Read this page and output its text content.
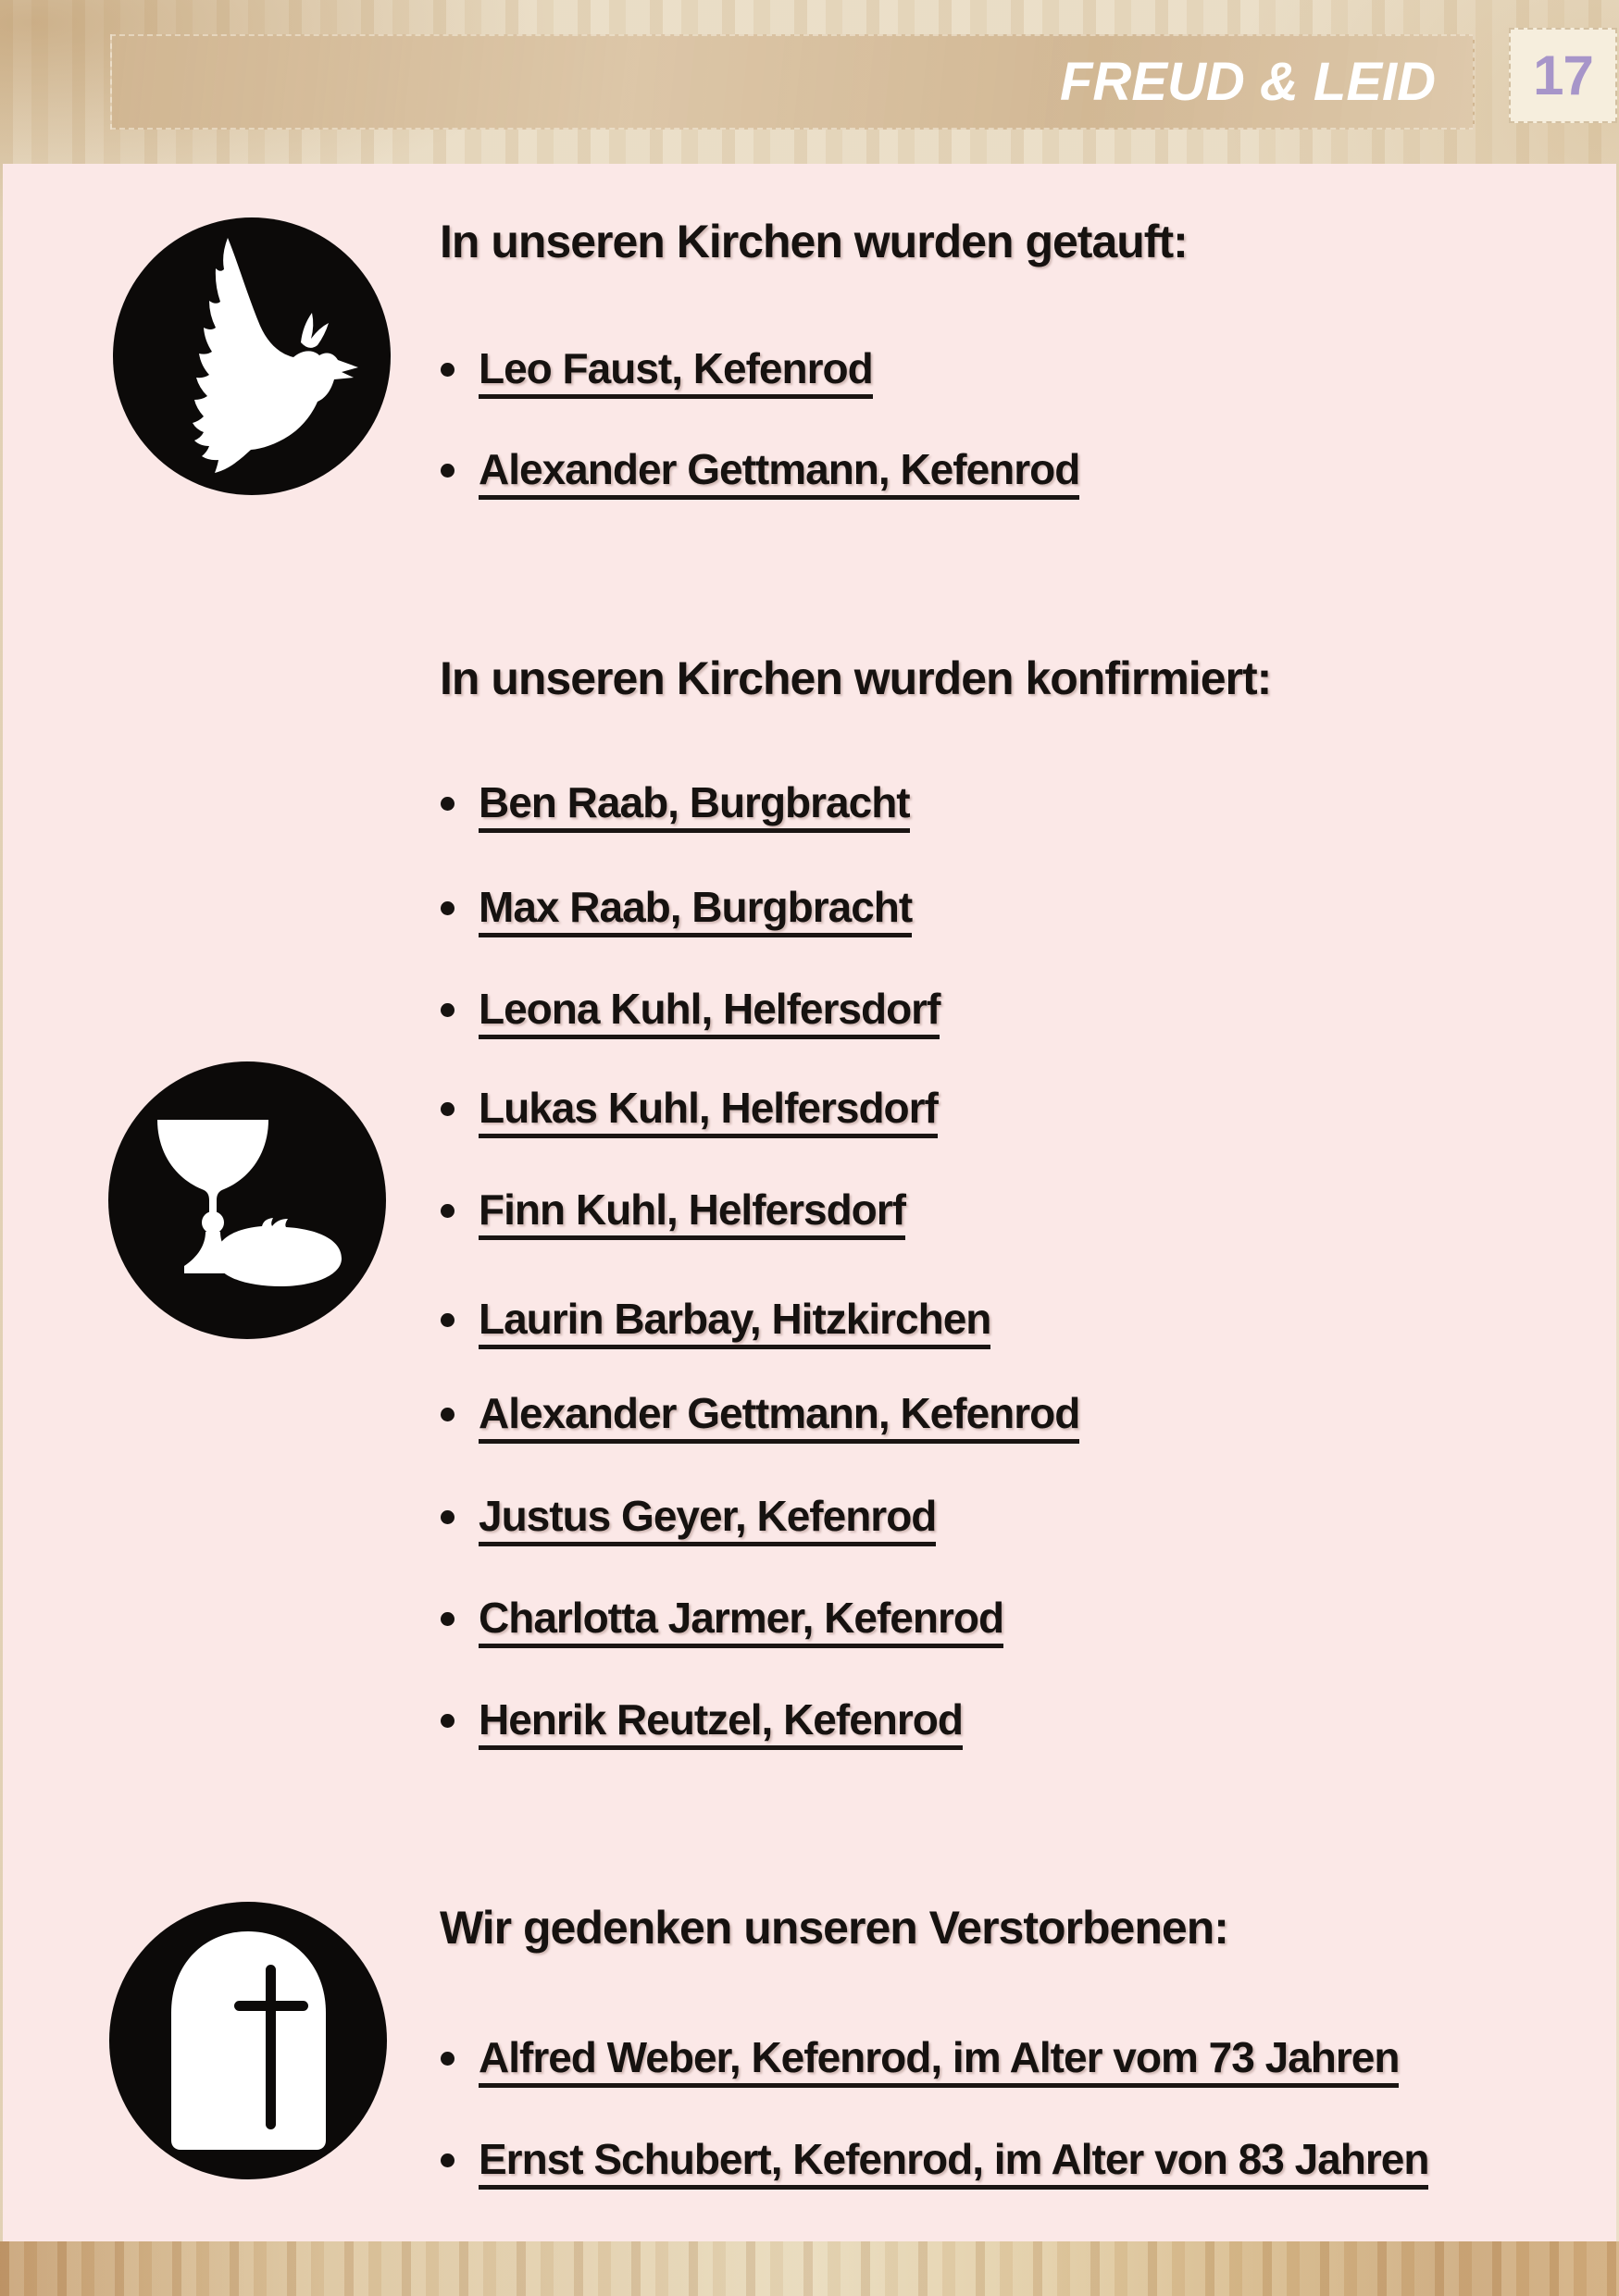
FREUD & LEID 17
In unseren Kirchen wurden getauft:
Leo Faust, Kefenrod
Alexander Gettmann, Kefenrod
In unseren Kirchen wurden konfirmiert:
Ben Raab, Burgbracht
Max Raab, Burgbracht
Leona Kuhl, Helfersdorf
Lukas Kuhl, Helfersdorf
Finn Kuhl, Helfersdorf
Laurin Barbay, Hitzkirchen
Alexander Gettmann, Kefenrod
Justus Geyer, Kefenrod
Charlotta Jarmer, Kefenrod
Henrik Reutzel, Kefenrod
Wir gedenken unseren Verstorbenen:
Alfred Weber, Kefenrod, im Alter vom 73 Jahren
Ernst Schubert, Kefenrod, im Alter von 83 Jahren
